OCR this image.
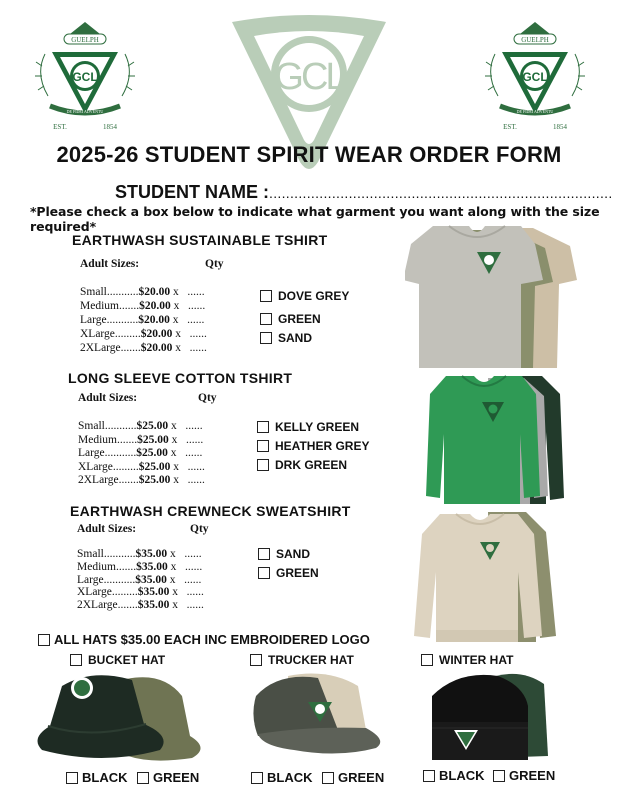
GUELPH
GCL
DE FIDEI ADVENTU
EST.	1854
GCL
GUELPH
GCL
DE FIDEI ADVENTU
EST.	1854
2025-26 STUDENT SPIRIT WEAR ORDER FORM
STUDENT NAME :..................................................................................
*Please check a box below to indicate what garment you want along with the size required*
EARTHWASH SUSTAINABLE TSHIRT
Adult Sizes:	Qty
Small...........$20.00 x ......
Medium.......$20.00 x ......
Large...........$20.00 x ......
XLarge.........$20.00 x ......
2XLarge.......$20.00 x ......
DOVE GREY
GREEN
SAND
LONG SLEEVE COTTON TSHIRT
Adult Sizes:	Qty
Small...........$25.00 x ......
Medium.......$25.00 x ......
Large...........$25.00 x ......
XLarge.........$25.00 x ......
2XLarge.......$25.00 x ......
KELLY GREEN
HEATHER GREY
DRK GREEN
EARTHWASH CREWNECK SWEATSHIRT
Adult Sizes:	Qty
Small...........$35.00 x ......
Medium.......$35.00 x ......
Large...........$35.00 x ......
XLarge.........$35.00 x ......
2XLarge.......$35.00 x ......
SAND
GREEN
ALL HATS $35.00 EACH INC EMBROIDERED LOGO
BUCKET HAT	TRUCKER HAT	WINTER HAT
BLACK GREEN	BLACK GREEN	BLACK GREEN
